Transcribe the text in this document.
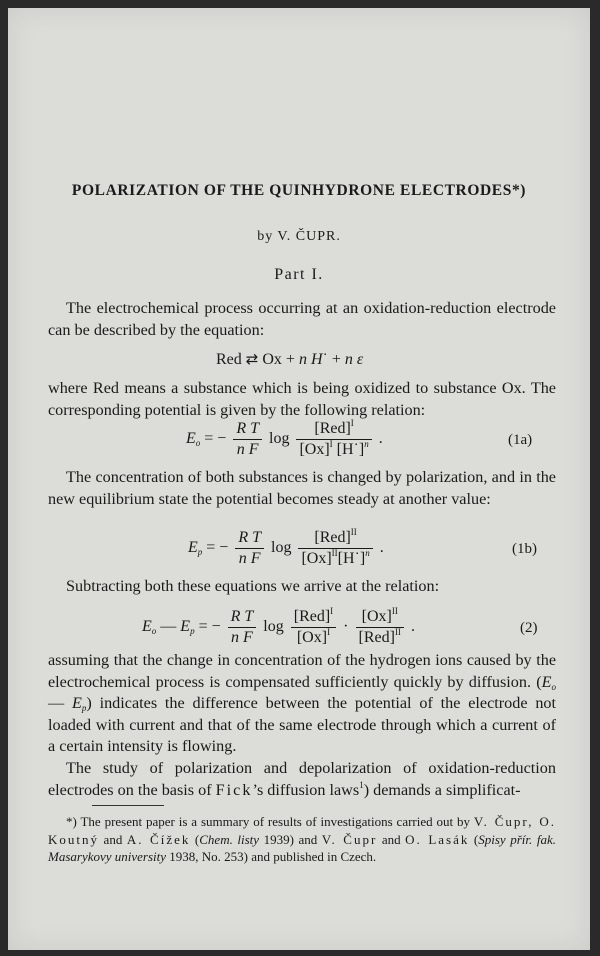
POLARIZATION OF THE QUINHYDRONE ELECTRODES*)
by V. ČUPR.
Part I.
The electrochemical process occurring at an oxidation-reduction electrode can be described by the equation:
Red ⇄ Ox + n H˙ + n ε
where Red means a substance which is being oxidized to substance Ox. The corresponding potential is given by the following relation:
$E_o$ = − $\frac{\text{R T}}{\text{n F}}$ $\log \frac{[Red]^I}{[Ox]^I [H˙]^n}$ .	(1a)
The concentration of both substances is changed by polarization, and in the new equilibrium state the potential becomes steady at another value:
$E_p$ = − $\frac{\text{R T}}{\text{n F}}$ $\log \frac{[Red]^{II}}{[Ox]^{II}[H˙]^n}$ .	(1b)
Subtracting both these equations we arrive at the relation:
$E_o$ — $E_p$ = − $\frac{\text{R T}}{\text{n F}}$ $\log \frac{[Red]^I}{[Ox]^I} \cdot \frac{[Ox]^{II}}{[Red]^{II}}$ .	(2)
assuming that the change in concentration of the hydrogen ions caused by the electrochemical process is compensated sufficiently quickly by diffusion. ($E_o$ — $E_p$) indicates the difference between the potential of the electrode not loaded with current and that of the same electrode through which a current of a certain intensity is flowing.
The study of polarization and depolarization of oxidation-reduction electrodes on the basis of Fick’s diffusion laws$^1$) demands a simplificat-
*) The present paper is a summary of results of investigations carried out by V. Čupr, O. Koutný and A. Čížek (Chem. listy 1939) and V. Čupr and O. Lasák (Spisy přír. fak. Masarykovy university 1938, No. 253) and published in Czech.
